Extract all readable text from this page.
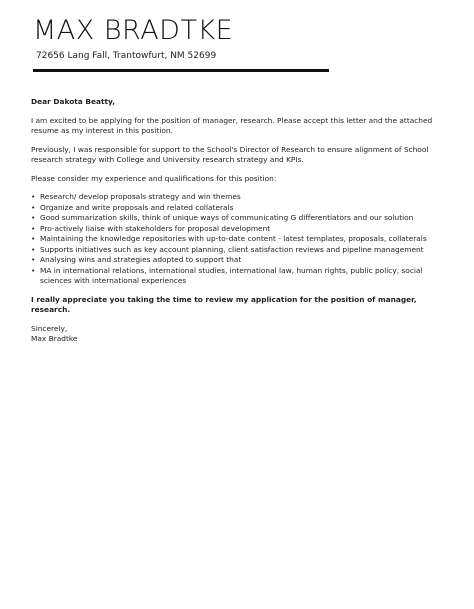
MAX BRADTKE
72656 Lang Fall, Trantowfurt, NM 52699

Dear Dakota Beatty,

I am excited to be applying for the position of manager, research. Please accept this letter and the attached resume as my interest in this position.

Previously, I was responsible for support to the School's Director of Research to ensure alignment of School research strategy with College and University research strategy and KPIs.

Please consider my experience and qualifications for this position:

• Research/ develop proposals strategy and win themes
• Organize and write proposals and related collaterals
• Good summarization skills, think of unique ways of communicating G differentiators and our solution
• Pro-actively liaise with stakeholders for proposal development
• Maintaining the knowledge repositories with up-to-date content - latest templates, proposals, collaterals
• Supports initiatives such as key account planning, client satisfaction reviews and pipeline management
• Analysing wins and strategies adopted to support that
• MA in international relations, international studies, international law, human rights, public policy, social sciences with international experiences

I really appreciate you taking the time to review my application for the position of manager, research.

Sincerely,

Max Bradtke
